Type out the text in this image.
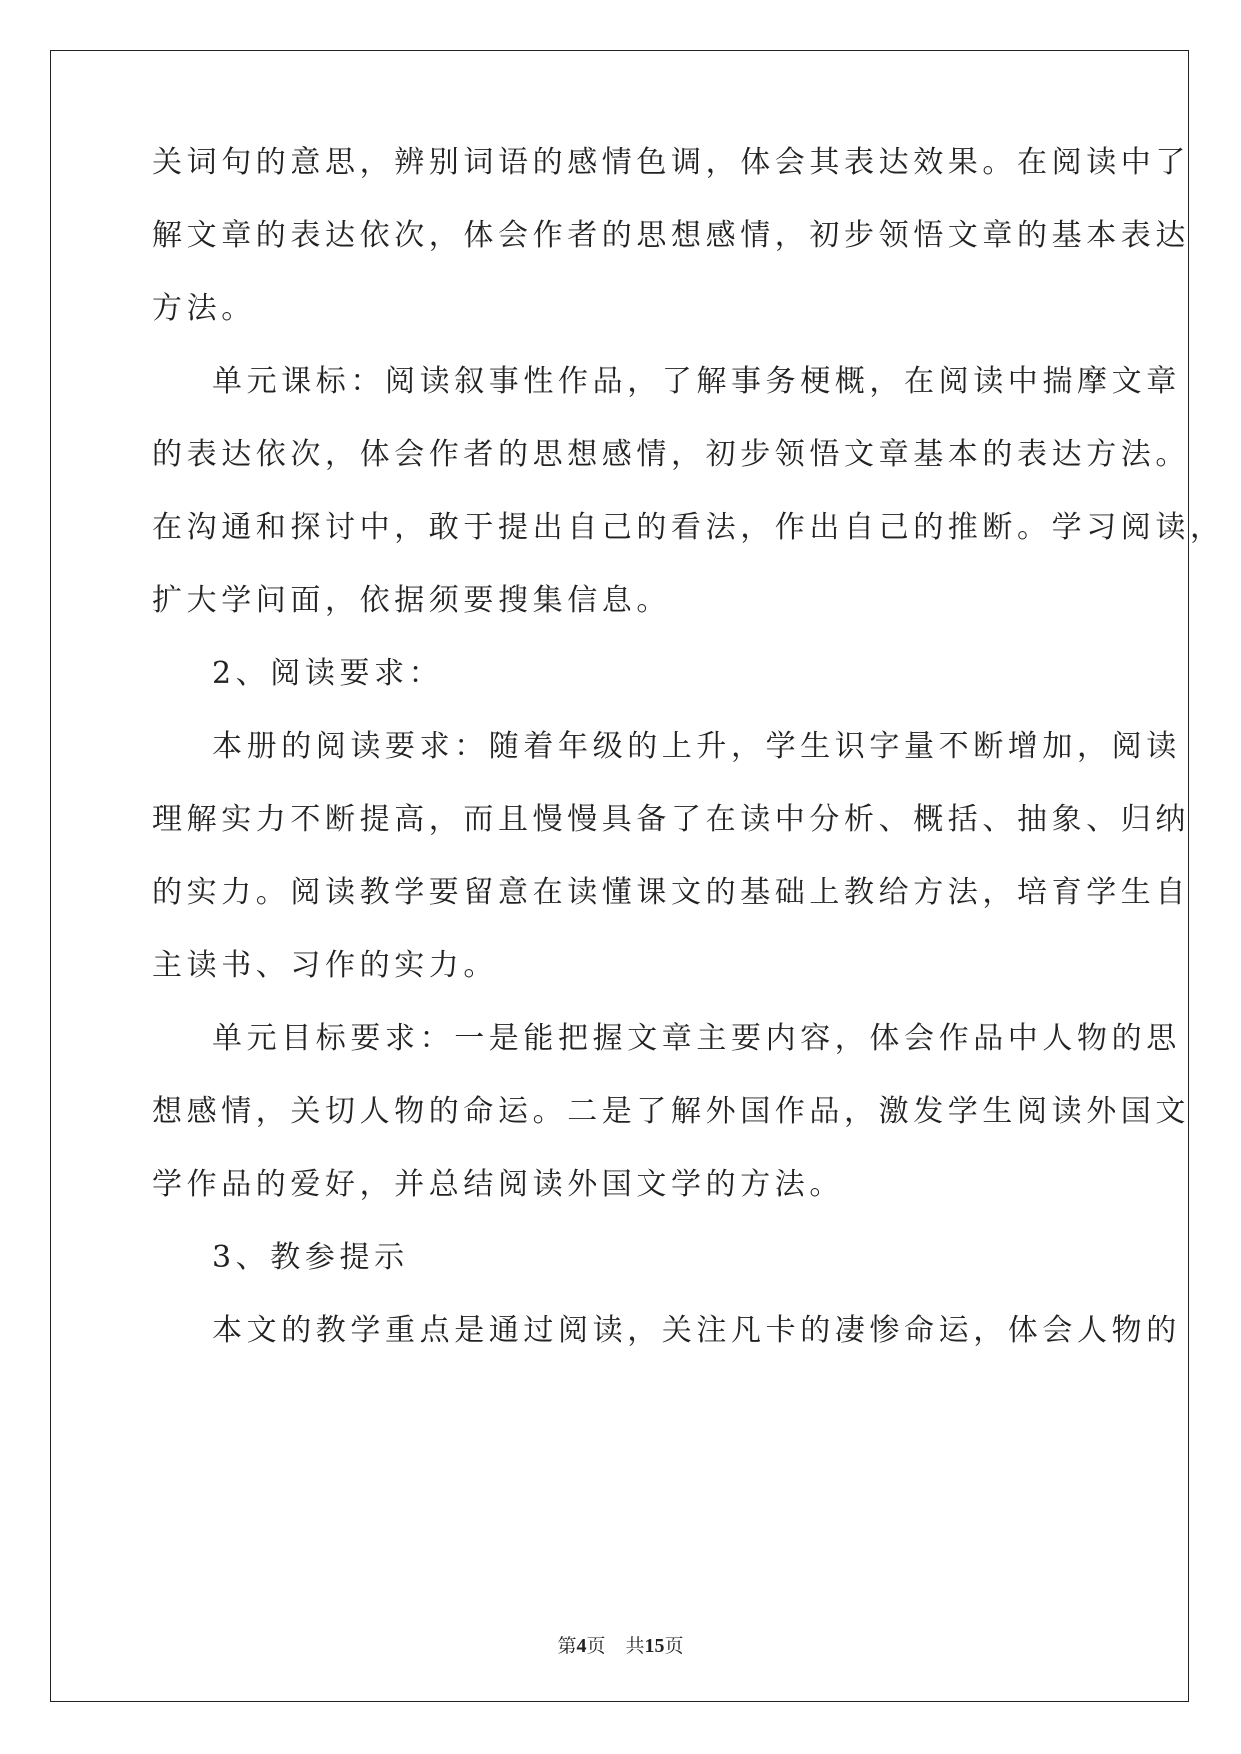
关词句的意思，辨别词语的感情色调，体会其表达效果。在阅读中了
解文章的表达依次，体会作者的思想感情，初步领悟文章的基本表达
方法。
单元课标：阅读叙事性作品，了解事务梗概，在阅读中揣摩文章
的表达依次，体会作者的思想感情，初步领悟文章基本的表达方法。
在沟通和探讨中，敢于提出自己的看法，作出自己的推断。学习阅读，
扩大学问面，依据须要搜集信息。
2、阅读要求：
本册的阅读要求：随着年级的上升，学生识字量不断增加，阅读
理解实力不断提高，而且慢慢具备了在读中分析、概括、抽象、归纳
的实力。阅读教学要留意在读懂课文的基础上教给方法，培育学生自
主读书、习作的实力。
单元目标要求：一是能把握文章主要内容，体会作品中人物的思
想感情，关切人物的命运。二是了解外国作品，激发学生阅读外国文
学作品的爱好，并总结阅读外国文学的方法。
3、教参提示
本文的教学重点是通过阅读，关注凡卡的凄惨命运，体会人物的
第4页 共15页
